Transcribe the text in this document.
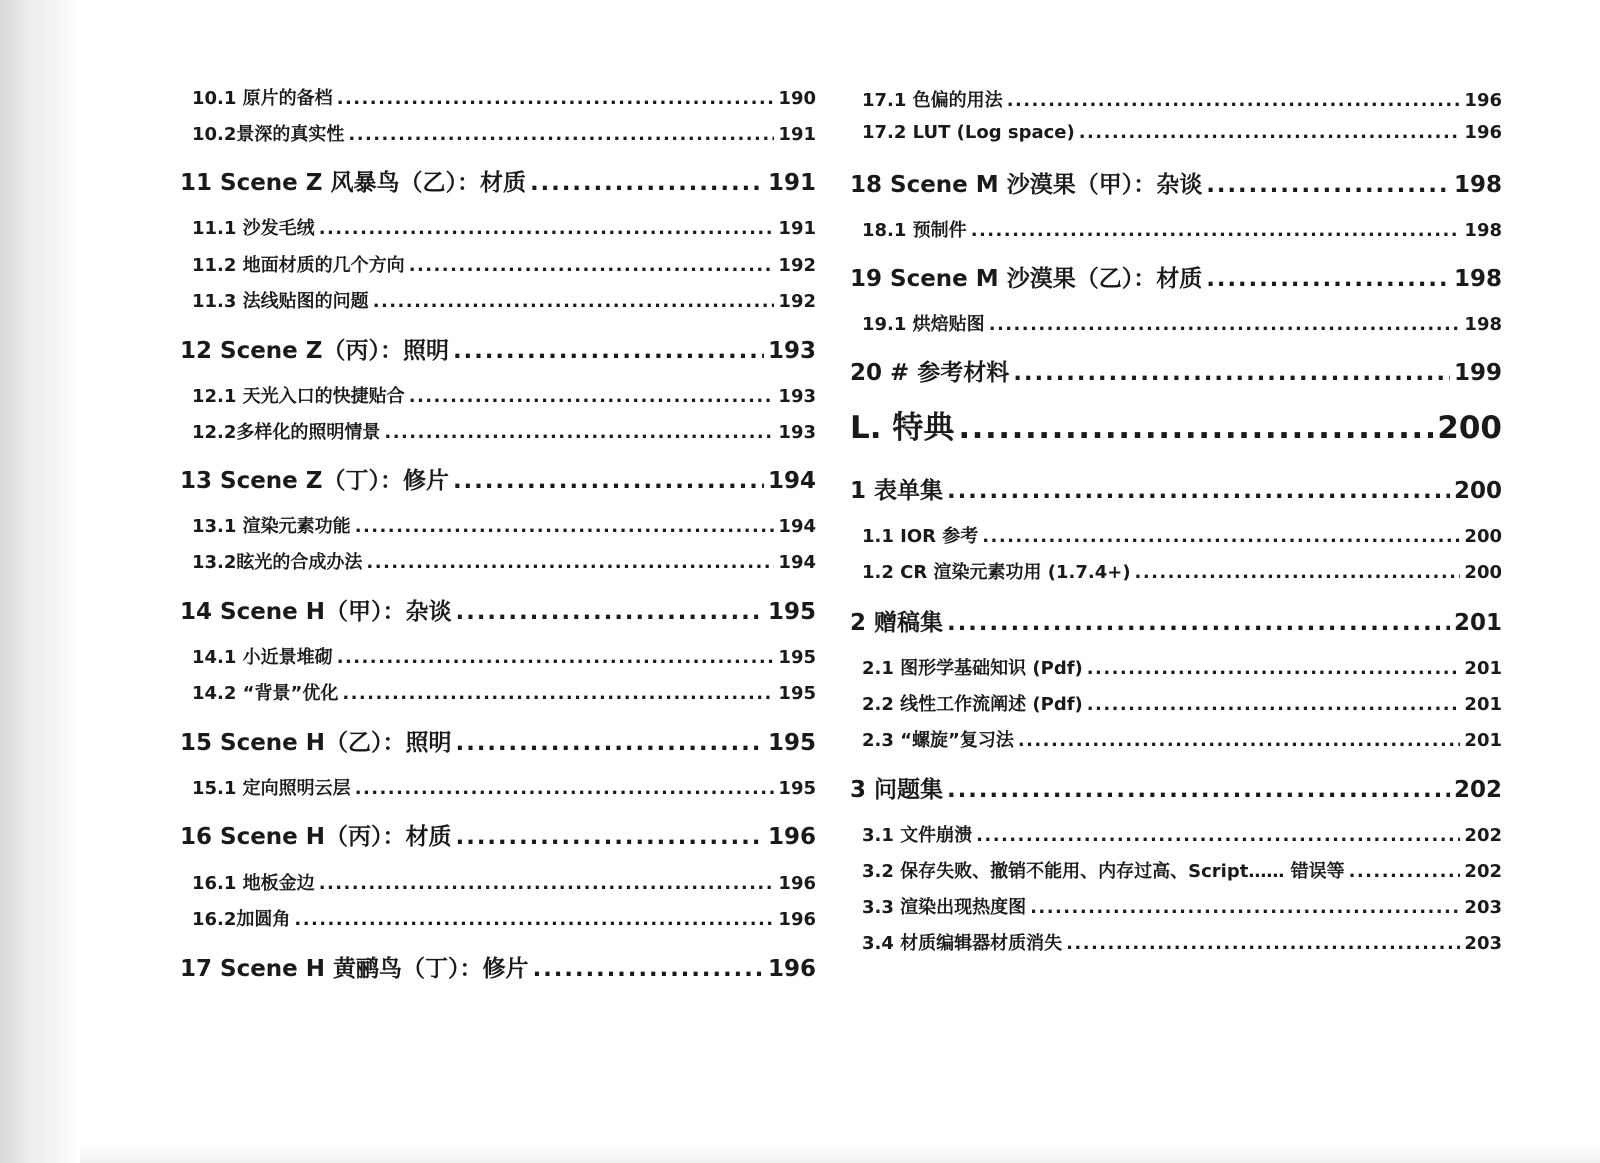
10.1 原片的备档 .....	190
10.2景深的真实性 .....	191
11 Scene Z 风暴鸟（乙）：材质 .....	191
11.1 沙发毛绒 .....	191
11.2 地面材质的几个方向 .....	192
11.3 法线贴图的问题 .....	192
12 Scene Z（丙）：照明 .....	193
12.1 天光入口的快捷贴合 .....	193
12.2多样化的照明情景 .....	193
13 Scene Z（丁）：修片 .....	194
13.1 渲染元素功能 .....	194
13.2眩光的合成办法 .....	194
14 Scene H（甲）：杂谈 .....	195
14.1 小近景堆砌 .....	195
14.2 “背景”优化 .....	195
15 Scene H（乙）：照明 .....	195
15.1 定向照明云层 .....	195
16 Scene H（丙）：材质 .....	196
16.1 地板金边 .....	196
16.2加圆角 .....	196
17 Scene H 黄鹂鸟（丁）：修片 .....	196
17.1 色偏的用法 .....	196
17.2 LUT (Log space) .....	196
18 Scene M 沙漠果（甲）：杂谈 .....	198
18.1 预制件 .....	198
19 Scene M 沙漠果（乙）：材质 .....	198
19.1 烘焙贴图 .....	198
20 # 参考材料 .....	199
L. 特典 .....	200
1 表单集 .....	200
1.1 IOR 参考 .....	200
1.2 CR 渲染元素功用 (1.7.4+) .....	200
2 赠稿集 .....	201
2.1 图形学基础知识 (Pdf) .....	201
2.2 线性工作流阐述 (Pdf) .....	201
2.3 “螺旋”复习法 .....	201
3 问题集 .....	202
3.1 文件崩溃 .....	202
3.2 保存失败、撤销不能用、内存过高、Script…… 错误等 .....	202
3.3 渲染出现热度图 .....	203
3.4 材质编辑器材质消失 .....	203
